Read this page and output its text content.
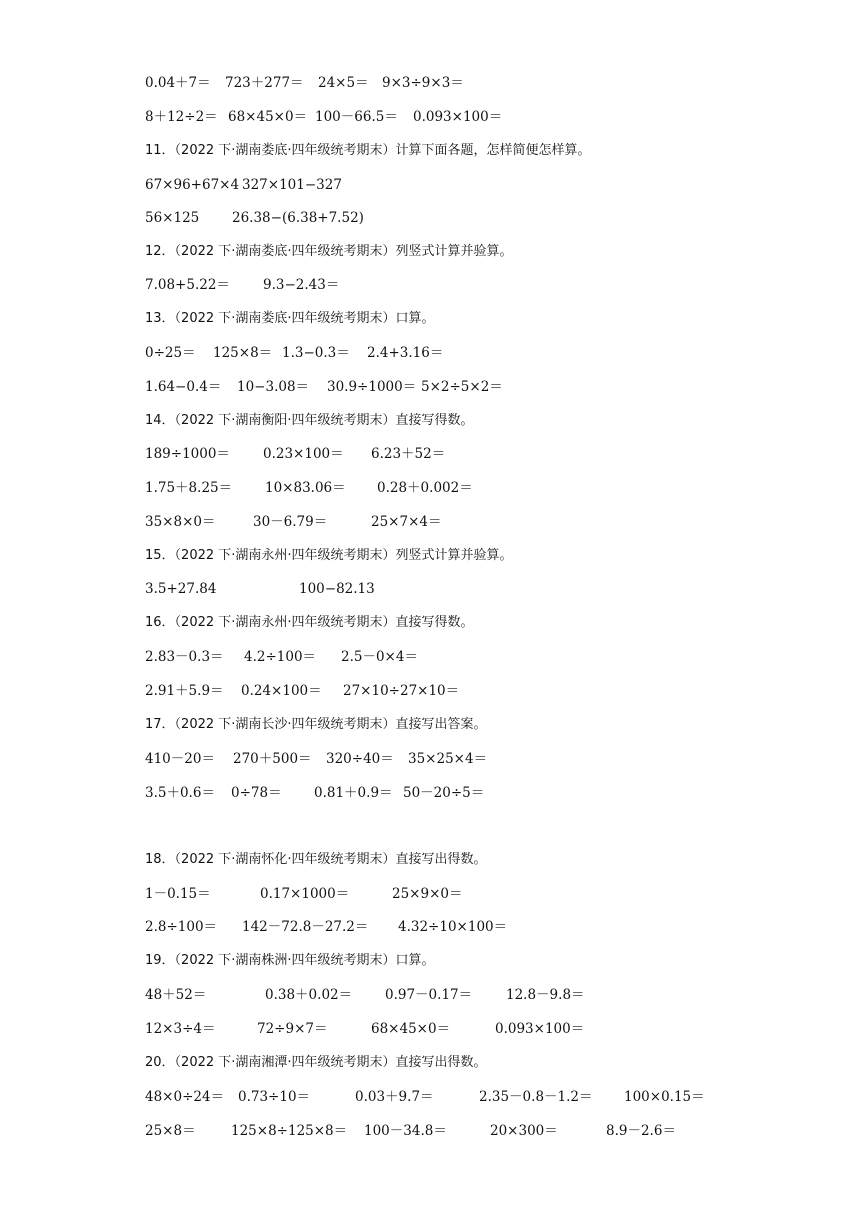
0.04＋7＝ 723＋277＝ 24×5＝ 9×3÷9×3＝
8＋12÷2＝ 68×45×0＝ 100－66.5＝ 0.093×100＝
11．（2022 下·湖南娄底·四年级统考期末）计算下面各题，怎样简便怎样算。
67×96+67×4 327×101−327
56×125 26.38−(6.38+7.52)
12．（2022 下·湖南娄底·四年级统考期末）列竖式计算并验算。
7.08+5.22＝ 9.3−2.43＝
13．（2022 下·湖南娄底·四年级统考期末）口算。
0÷25＝ 125×8＝ 1.3−0.3＝ 2.4+3.16＝
1.64−0.4＝ 10−3.08＝ 30.9÷1000＝ 5×2÷5×2＝
14．（2022 下·湖南衡阳·四年级统考期末）直接写得数。
189÷1000＝ 0.23×100＝ 6.23＋52＝
1.75＋8.25＝ 10×83.06＝ 0.28＋0.002＝
35×8×0＝	30－6.79＝	25×7×4＝
15．（2022 下·湖南永州·四年级统考期末）列竖式计算并验算。
3.5+27.84	100−82.13
16．（2022 下·湖南永州·四年级统考期末）直接写得数。
2.83－0.3＝ 4.2÷100＝ 2.5－0×4＝
2.91＋5.9＝ 0.24×100＝ 27×10÷27×10＝
17．（2022 下·湖南长沙·四年级统考期末）直接写出答案。
410－20＝ 270＋500＝ 320÷40＝ 35×25×4＝
3.5＋0.6＝ 0÷78＝ 0.81＋0.9＝ 50－20÷5＝
18．（2022 下·湖南怀化·四年级统考期末）直接写出得数。
1－0.15＝	0.17×1000＝	25×9×0＝
2.8÷100＝ 142－72.8－27.2＝ 4.32÷10×100＝
19．（2022 下·湖南株洲·四年级统考期末）口算。
48＋52＝	0.38＋0.02＝ 0.97－0.17＝	12.8－9.8＝
12×3÷4＝	72÷9×7＝	68×45×0＝	0.093×100＝
20．（2022 下·湖南湘潭·四年级统考期末）直接写出得数。
48×0÷24＝ 0.73÷10＝	0.03＋9.7＝	2.35－0.8－1.2＝ 100×0.15＝
25×8＝	125×8÷125×8＝ 100－34.8＝	20×300＝	8.9－2.6＝
